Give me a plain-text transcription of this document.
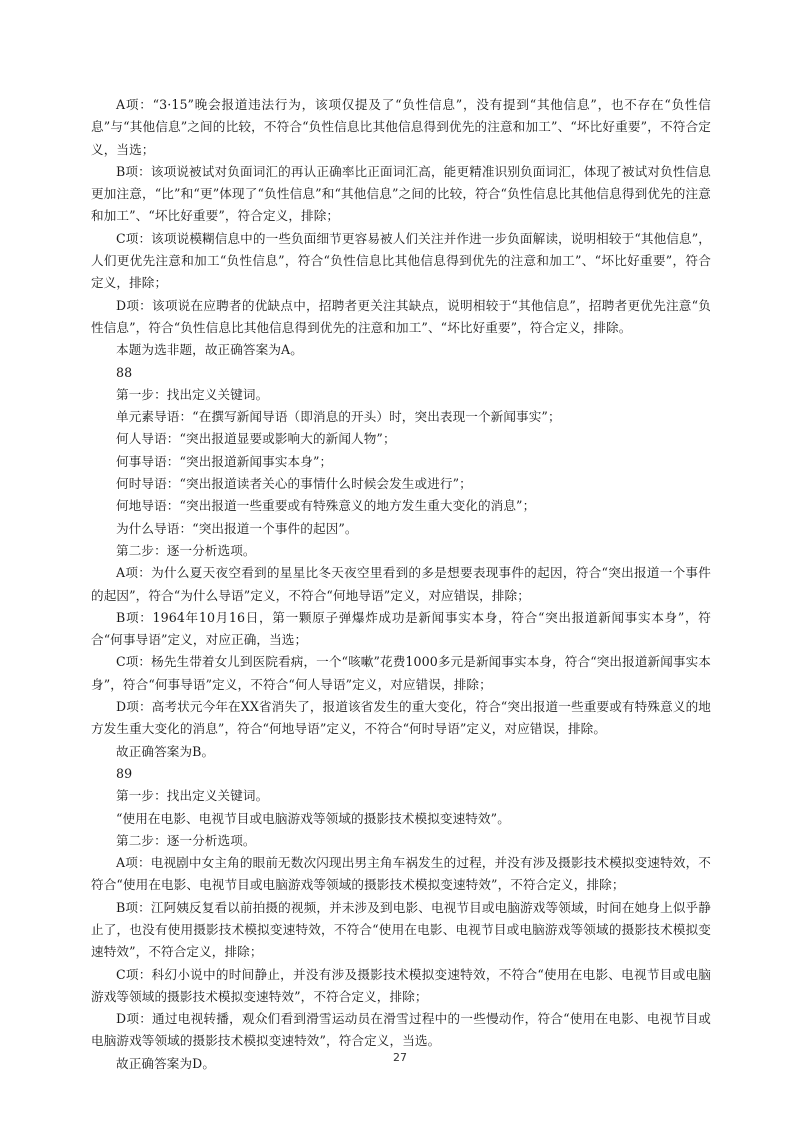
A项：“3·15”晚会报道违法行为，该项仅提及了“负性信息”，没有提到“其他信息”，也不存在“负性信息”与“其他信息”之间的比较，不符合“负性信息比其他信息得到优先的注意和加工”、“坏比好重要”，不符合定义，当选；

B项：该项说被试对负面词汇的再认正确率比正面词汇高，能更精准识别负面词汇，体现了被试对负性信息更加注意，“比”和“更”体现了“负性信息”和“其他信息”之间的比较，符合“负性信息比其他信息得到优先的注意和加工”、“坏比好重要”，符合定义，排除；

C项：该项说模糊信息中的一些负面细节更容易被人们关注并作进一步负面解读，说明相较于“其他信息”，人们更优先注意和加工“负性信息”，符合“负性信息比其他信息得到优先的注意和加工”、“坏比好重要”，符合定义，排除；

D项：该项说在应聘者的优缺点中，招聘者更关注其缺点，说明相较于“其他信息”，招聘者更优先注意“负性信息”，符合“负性信息比其他信息得到优先的注意和加工”、“坏比好重要”，符合定义，排除。

本题为选非题，故正确答案为A。

88

第一步：找出定义关键词。

单元素导语：“在撰写新闻导语（即消息的开头）时，突出表现一个新闻事实”；

何人导语：“突出报道显要或影响大的新闻人物”；

何事导语：“突出报道新闻事实本身”；

何时导语：“突出报道读者关心的事情什么时候会发生或进行”；

何地导语：“突出报道一些重要或有特殊意义的地方发生重大变化的消息”；

为什么导语：“突出报道一个事件的起因”。

第二步：逐一分析选项。

A项：为什么夏天夜空看到的星星比冬天夜空里看到的多是想要表现事件的起因，符合“突出报道一个事件的起因”，符合“为什么导语”定义，不符合“何地导语”定义，对应错误，排除；

B项：1964年10月16日，第一颗原子弹爆炸成功是新闻事实本身，符合“突出报道新闻事实本身”，符合“何事导语”定义，对应正确，当选；

C项：杨先生带着女儿到医院看病，一个“咳嗽”花费1000多元是新闻事实本身，符合“突出报道新闻事实本身”，符合“何事导语”定义，不符合“何人导语”定义，对应错误，排除；

D项：高考状元今年在XX省消失了，报道该省发生的重大变化，符合“突出报道一些重要或有特殊意义的地方发生重大变化的消息”，符合“何地导语”定义，不符合“何时导语”定义，对应错误，排除。

故正确答案为B。

89

第一步：找出定义关键词。

“使用在电影、电视节目或电脑游戏等领域的摄影技术模拟变速特效”。

第二步：逐一分析选项。

A项：电视剧中女主角的眼前无数次闪现出男主角车祸发生的过程，并没有涉及摄影技术模拟变速特效，不符合“使用在电影、电视节目或电脑游戏等领域的摄影技术模拟变速特效”，不符合定义，排除；

B项：江阿姨反复看以前拍摄的视频，并未涉及到电影、电视节目或电脑游戏等领域，时间在她身上似乎静止了，也没有使用摄影技术模拟变速特效，不符合“使用在电影、电视节目或电脑游戏等领域的摄影技术模拟变速特效”，不符合定义，排除；

C项：科幻小说中的时间静止，并没有涉及摄影技术模拟变速特效，不符合“使用在电影、电视节目或电脑游戏等领域的摄影技术模拟变速特效”，不符合定义，排除；

D项：通过电视转播，观众们看到滑雪运动员在滑雪过程中的一些慢动作，符合“使用在电影、电视节目或电脑游戏等领域的摄影技术模拟变速特效”，符合定义，当选。

故正确答案为D。	27
